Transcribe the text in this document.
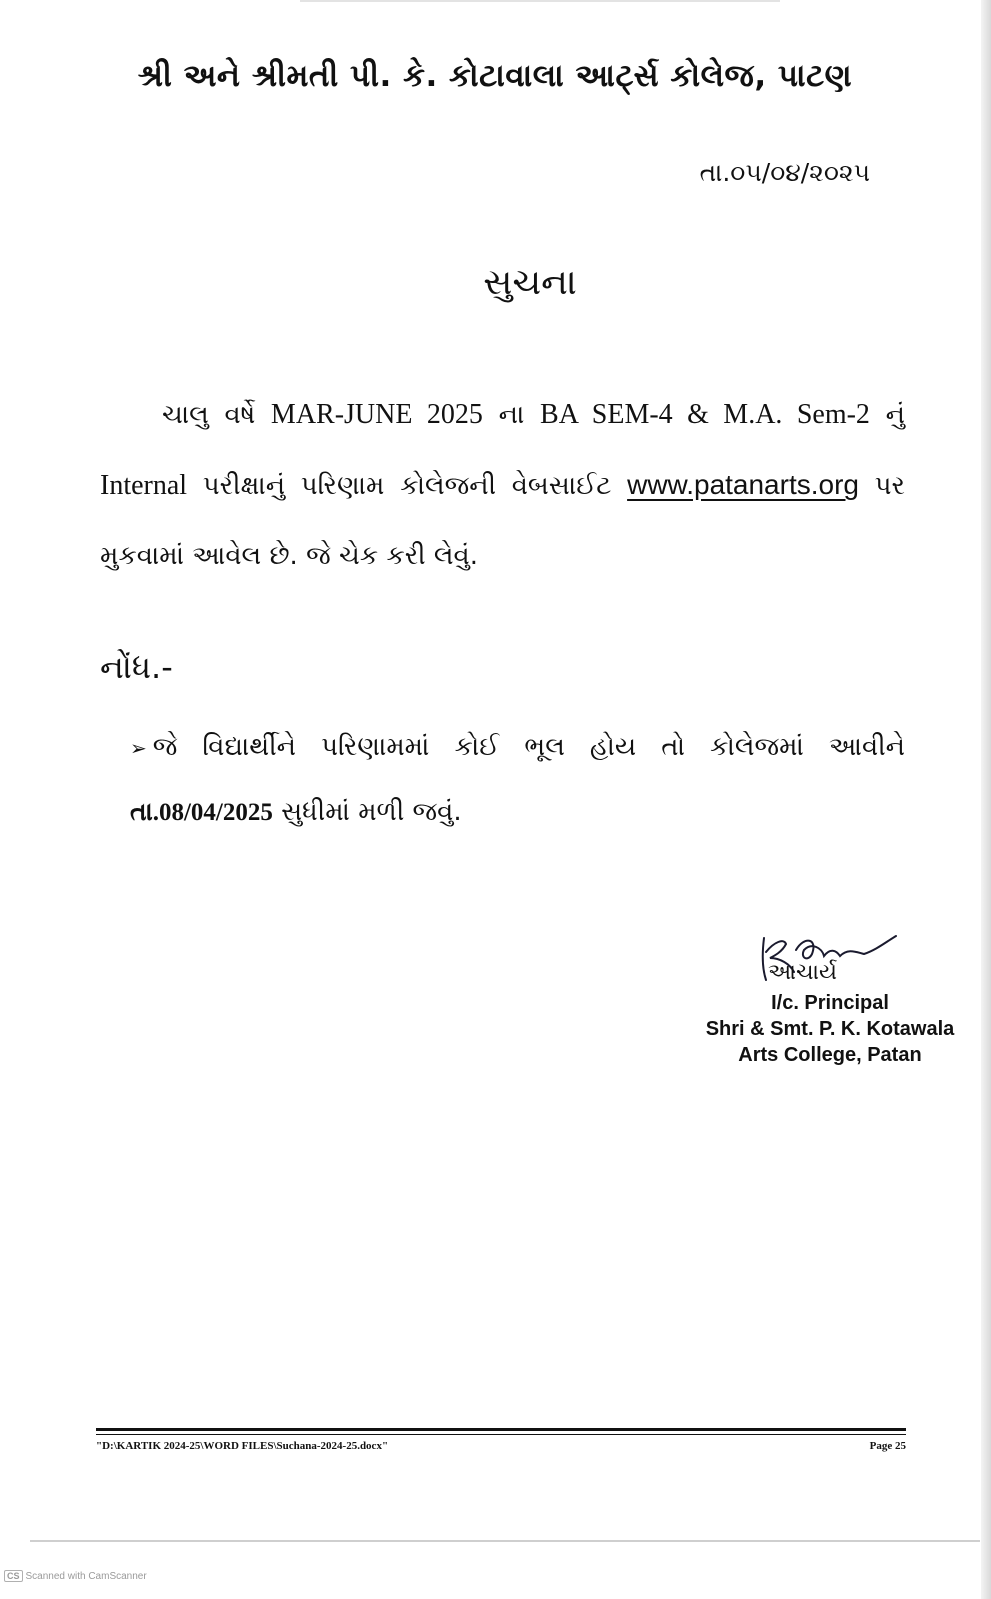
શ્રી અને શ્રીમતી પી. કે. કોટાવાલા આર્ટ્સ કોલેજ, પાટણ
તા.૦૫/૦૪/૨૦૨૫
સુચના
ચાલુ વર્ષે MAR-JUNE 2025 ના BA SEM-4 & M.A. Sem-2 નું Internal પરીક્ષાનું પરિણામ કોલેજની વેબસાઈટ www.patanarts.org પર મુકવામાં આવેલ છે. જે ચેક કરી લેવું.
નોંધ.-
➢ જે વિદ્યાર્થીને પરિણામમાં કોઈ ભૂલ હોય તો કોલેજમાં આવીને તા.08/04/2025 સુધીમાં મળી જવું.
આચાર્ય
I/c. Principal
Shri & Smt. P. K. Kotawala
Arts College, Patan
"D:\KARTIK 2024-25\WORD FILES\Suchana-2024-25.docx"	Page 25
CS Scanned with CamScanner
